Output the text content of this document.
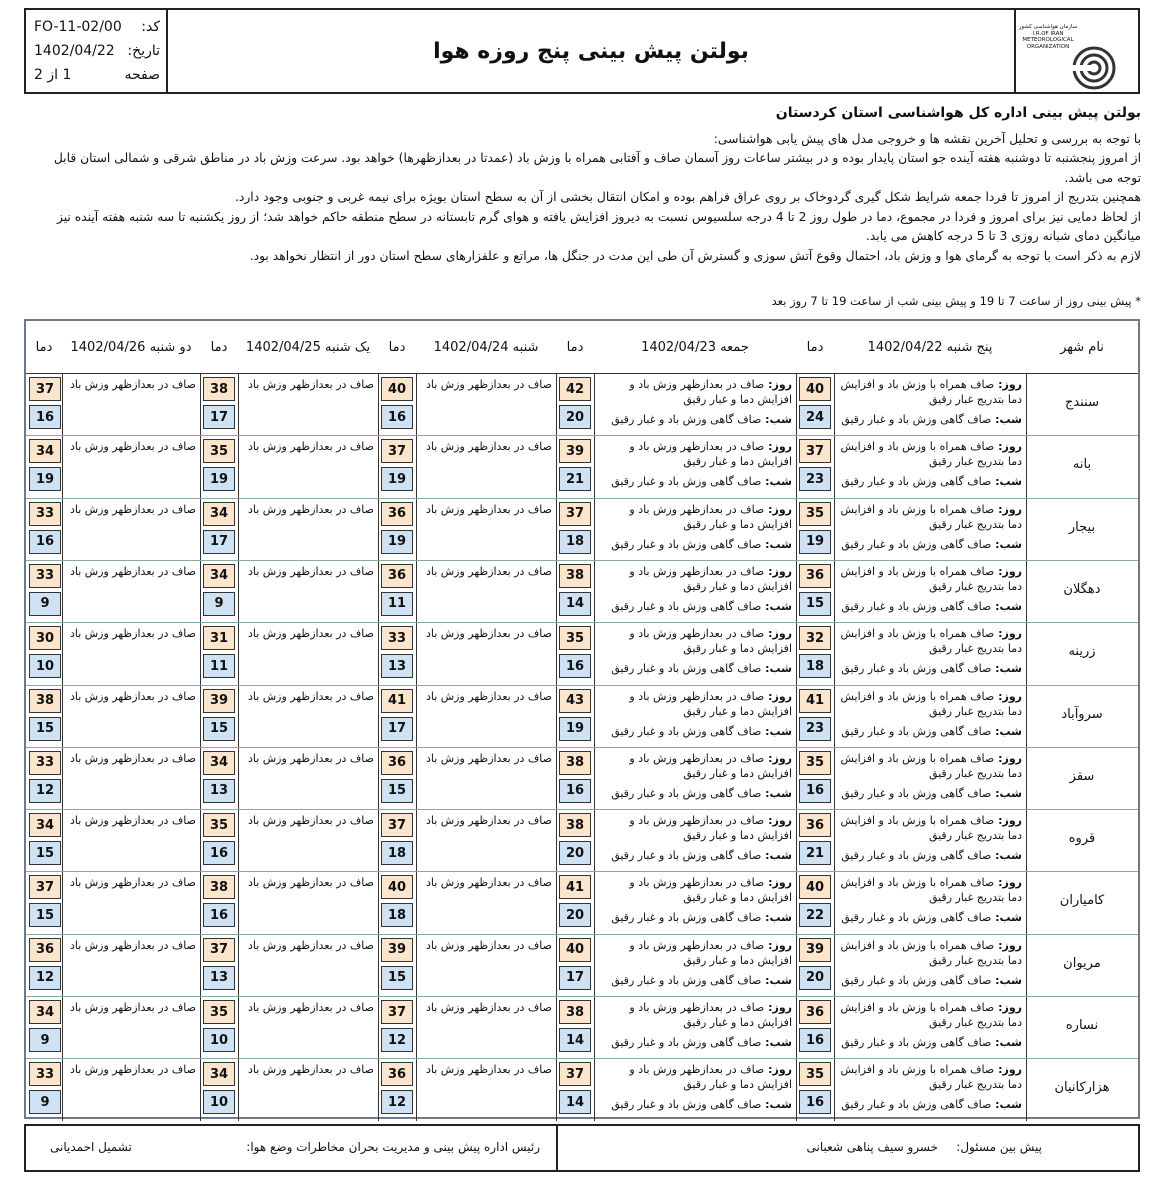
سازمان هواشناسی کشور I.R.OF IRAN METEOROLOGICAL ORGANIZATION
بولتن پیش بینی پنج روزه هوا
کد:
FO-11-02/00
تاریخ:
1402/04/22
صفحه
1 از 2
بولتن پیش بینی اداره کل هواشناسی استان کردستان

با توجه به بررسی و تحلیل آخرین نقشه ها و خروجی مدل های پیش یابی هواشناسی:

از امروز پنجشنبه تا دوشنبه هفته آینده جو استان پایدار بوده و در بیشتر ساعات روز آسمان صاف و آفتابی همراه با وزش باد (عمدتا در بعدازظهرها) خواهد بود. سرعت وزش باد در مناطق شرقی و شمالی استان قابل توجه می باشد.

همچنین بتدریج از امروز تا فردا جمعه شرایط شکل گیری گردوخاک بر روی عراق فراهم بوده و امکان انتقال بخشی از آن به سطح استان بویژه برای نیمه غربی و جنوبی وجود دارد.

از لحاظ دمایی نیز برای امروز و فردا در مجموع، دما در طول روز 2 تا 4 درجه سلسیوس نسبت به دیروز افزایش یافته و هوای گرم تابستانه در سطح منطقه حاکم خواهد شد؛ از روز یکشنبه تا سه شنبه هفته آینده نیز میانگین دمای شبانه روزی 3 تا 5 درجه کاهش می یابد.

لازم به ذکر است با توجه به گرمای هوا و وزش باد، احتمال وقوع آتش سوزی و گسترش آن طی این مدت در جنگل ها، مراتع و علفزارهای سطح استان دور از انتظار نخواهد بود.

* پیش بینی روز از ساعت 7 تا 19 و پیش بینی شب از ساعت 19 تا 7 روز بعد
نام شهر
پنج شنبه 1402/04/22
دما
جمعه 1402/04/23
دما
شنبه 1402/04/24
دما
یک شنبه 1402/04/25
دما
دو شنبه 1402/04/26
دما
سنندج
40
24
روز: صاف همراه با وزش باد و افزایش دما بتدریج غبار رقیق
شب: صاف گاهی وزش باد و غبار رقیق
42
20
روز: صاف در بعدازظهر وزش باد و افزایش دما و غبار رقیق
شب: صاف گاهی وزش باد و غبار رقیق
40
16
صاف در بعدازظهر وزش باد
38
17
صاف در بعدازظهر وزش باد
37
16
صاف در بعدازظهر وزش باد
بانه
37
23
روز: صاف همراه با وزش باد و افزایش دما بتدریج غبار رقیق
شب: صاف گاهی وزش باد و غبار رقیق
39
21
روز: صاف در بعدازظهر وزش باد و افزایش دما و غبار رقیق
شب: صاف گاهی وزش باد و غبار رقیق
37
19
صاف در بعدازظهر وزش باد
35
19
صاف در بعدازظهر وزش باد
34
19
صاف در بعدازظهر وزش باد
بیجار
35
19
روز: صاف همراه با وزش باد و افزایش دما بتدریج غبار رقیق
شب: صاف گاهی وزش باد و غبار رقیق
37
18
روز: صاف در بعدازظهر وزش باد و افزایش دما و غبار رقیق
شب: صاف گاهی وزش باد و غبار رقیق
36
19
صاف در بعدازظهر وزش باد
34
17
صاف در بعدازظهر وزش باد
33
16
صاف در بعدازظهر وزش باد
دهگلان
36
15
روز: صاف همراه با وزش باد و افزایش دما بتدریج غبار رقیق
شب: صاف گاهی وزش باد و غبار رقیق
38
14
روز: صاف در بعدازظهر وزش باد و افزایش دما و غبار رقیق
شب: صاف گاهی وزش باد و غبار رقیق
36
11
صاف در بعدازظهر وزش باد
34
9
صاف در بعدازظهر وزش باد
33
9
صاف در بعدازظهر وزش باد
زرینه
32
18
روز: صاف همراه با وزش باد و افزایش دما بتدریج غبار رقیق
شب: صاف گاهی وزش باد و غبار رقیق
35
16
روز: صاف در بعدازظهر وزش باد و افزایش دما و غبار رقیق
شب: صاف گاهی وزش باد و غبار رقیق
33
13
صاف در بعدازظهر وزش باد
31
11
صاف در بعدازظهر وزش باد
30
10
صاف در بعدازظهر وزش باد
سروآباد
41
23
روز: صاف همراه با وزش باد و افزایش دما بتدریج غبار رقیق
شب: صاف گاهی وزش باد و غبار رقیق
43
19
روز: صاف در بعدازظهر وزش باد و افزایش دما و غبار رقیق
شب: صاف گاهی وزش باد و غبار رقیق
41
17
صاف در بعدازظهر وزش باد
39
15
صاف در بعدازظهر وزش باد
38
15
صاف در بعدازظهر وزش باد
سقز
35
16
روز: صاف همراه با وزش باد و افزایش دما بتدریج غبار رقیق
شب: صاف گاهی وزش باد و غبار رقیق
38
16
روز: صاف در بعدازظهر وزش باد و افزایش دما و غبار رقیق
شب: صاف گاهی وزش باد و غبار رقیق
36
15
صاف در بعدازظهر وزش باد
34
13
صاف در بعدازظهر وزش باد
33
12
صاف در بعدازظهر وزش باد
قروه
36
21
روز: صاف همراه با وزش باد و افزایش دما بتدریج غبار رقیق
شب: صاف گاهی وزش باد و غبار رقیق
38
20
روز: صاف در بعدازظهر وزش باد و افزایش دما و غبار رقیق
شب: صاف گاهی وزش باد و غبار رقیق
37
18
صاف در بعدازظهر وزش باد
35
16
صاف در بعدازظهر وزش باد
34
15
صاف در بعدازظهر وزش باد
کامیاران
40
22
روز: صاف همراه با وزش باد و افزایش دما بتدریج غبار رقیق
شب: صاف گاهی وزش باد و غبار رقیق
41
20
روز: صاف در بعدازظهر وزش باد و افزایش دما و غبار رقیق
شب: صاف گاهی وزش باد و غبار رقیق
40
18
صاف در بعدازظهر وزش باد
38
16
صاف در بعدازظهر وزش باد
37
15
صاف در بعدازظهر وزش باد
مریوان
39
20
روز: صاف همراه با وزش باد و افزایش دما بتدریج غبار رقیق
شب: صاف گاهی وزش باد و غبار رقیق
40
17
روز: صاف در بعدازظهر وزش باد و افزایش دما و غبار رقیق
شب: صاف گاهی وزش باد و غبار رقیق
39
15
صاف در بعدازظهر وزش باد
37
13
صاف در بعدازظهر وزش باد
36
12
صاف در بعدازظهر وزش باد
نساره
36
16
روز: صاف همراه با وزش باد و افزایش دما بتدریج غبار رقیق
شب: صاف گاهی وزش باد و غبار رقیق
38
14
روز: صاف در بعدازظهر وزش باد و افزایش دما و غبار رقیق
شب: صاف گاهی وزش باد و غبار رقیق
37
12
صاف در بعدازظهر وزش باد
35
10
صاف در بعدازظهر وزش باد
34
9
صاف در بعدازظهر وزش باد
هزارکانیان
35
16
روز: صاف همراه با وزش باد و افزایش دما بتدریج غبار رقیق
شب: صاف گاهی وزش باد و غبار رقیق
37
14
روز: صاف در بعدازظهر وزش باد و افزایش دما و غبار رقیق
شب: صاف گاهی وزش باد و غبار رقیق
36
12
صاف در بعدازظهر وزش باد
34
10
صاف در بعدازظهر وزش باد
33
9
صاف در بعدازظهر وزش باد
پیش بین مسئول:
خسرو سیف پناهی شعبانی
رئیس اداره پیش بینی و مدیریت بحران مخاطرات وضع هوا:
تشمیل احمدیانی
